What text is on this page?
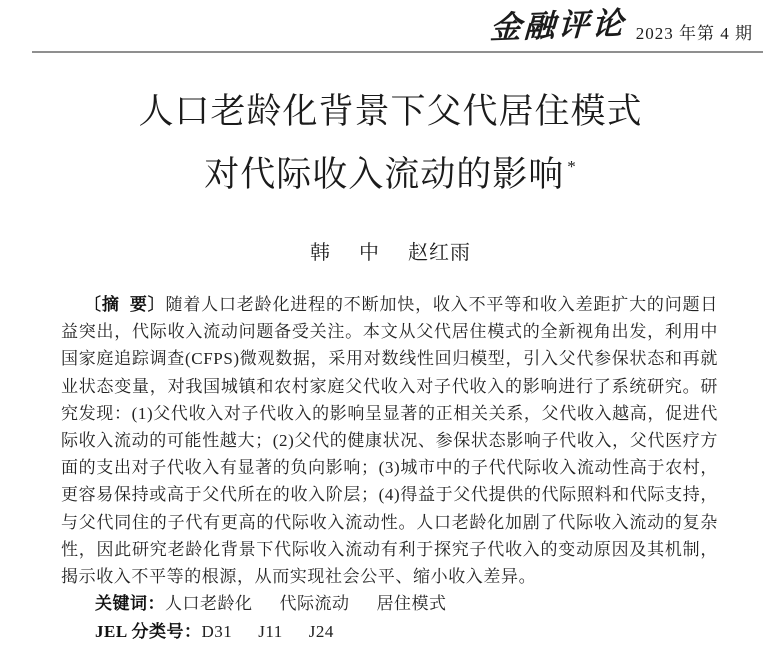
金融评论 2023 年第 4 期
人口老龄化背景下父代居住模式
对代际收入流动的影响 *
韩 中 赵红雨

〔摘  要〕随着人口老龄化进程的不断加快，收入不平等和收入差距扩大的问题日益突出，代际收入流动问题备受关注。本文从父代居住模式的全新视角出发，利用中国家庭追踪调查(CFPS)微观数据，采用对数线性回归模型，引入父代参保状态和再就业状态变量，对我国城镇和农村家庭父代收入对子代收入的影响进行了系统研究。研究发现：(1)父代收入对子代收入的影响呈显著的正相关关系，父代收入越高，促进代际收入流动的可能性越大；(2)父代的健康状况、参保状态影响子代收入，父代医疗方面的支出对子代收入有显著的负向影响；(3)城市中的子代代际收入流动性高于农村，更容易保持或高于父代所在的收入阶层；(4)得益于父代提供的代际照料和代际支持，与父代同住的子代有更高的代际收入流动性。人口老龄化加剧了代际收入流动的复杂性，因此研究老龄化背景下代际收入流动有利于探究子代收入的变动原因及其机制，揭示收入不平等的根源，从而实现社会公平、缩小收入差异。

关键词：人口老龄化 代际流动 居住模式
JEL 分类号：D31 J11 J24
